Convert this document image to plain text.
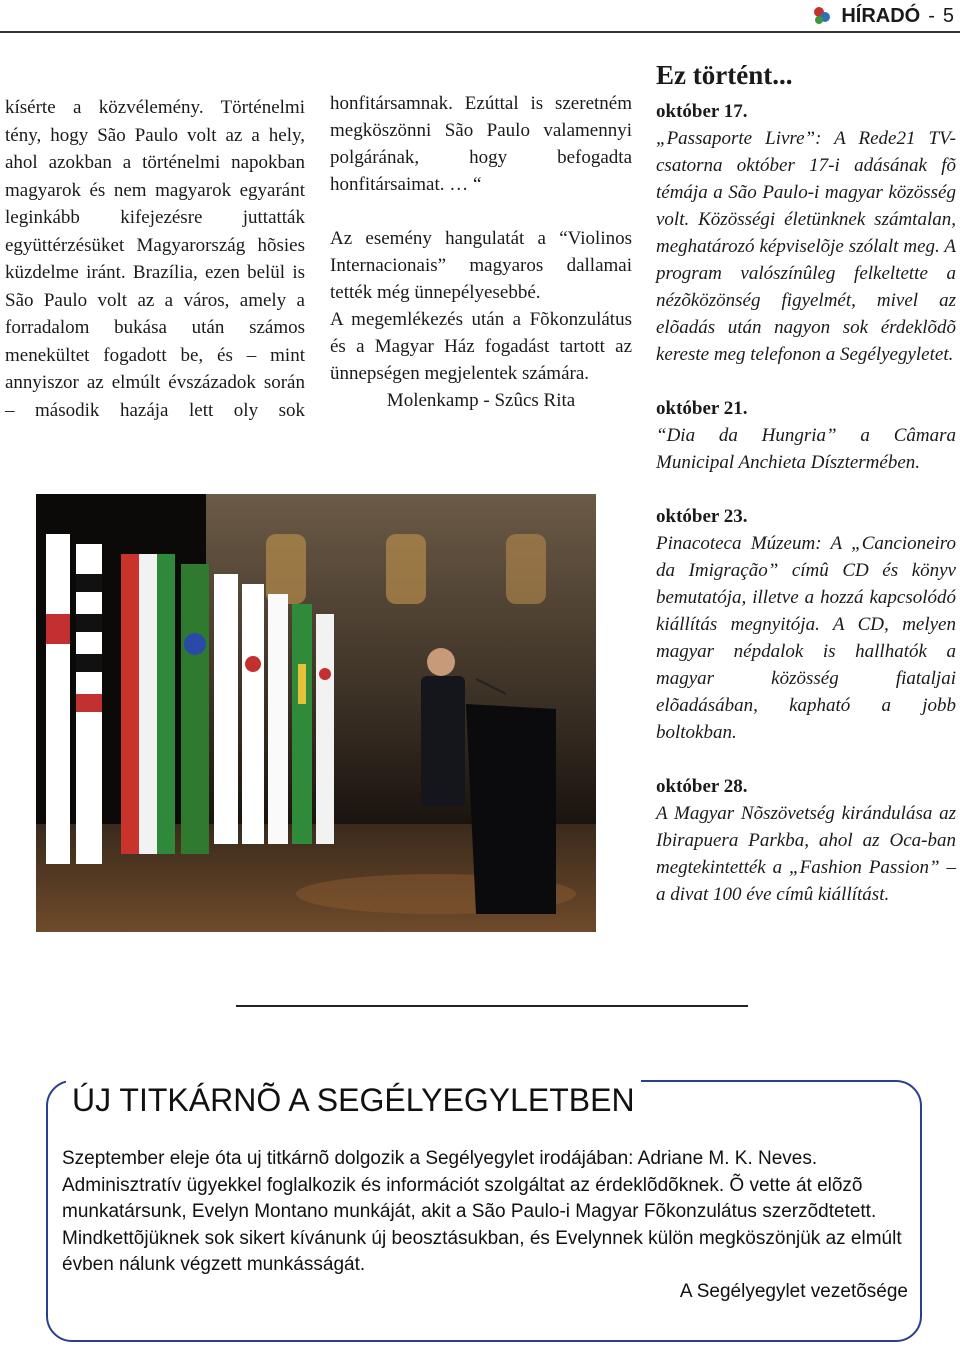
HÍRADÓ - 5

kísérte a közvélemény. Történelmi tény, hogy São Paulo volt az a hely, ahol azokban a történelmi napokban magyarok és nem magyarok egyaránt leginkább kifejezésre juttatták együttérzésüket Magyarország hõsies küzdelme iránt. Brazília, ezen belül is São Paulo volt az a város, amely a forradalom bukása után számos menekültet fogadott be, és – mint annyiszor az elmúlt évszázadok során – második hazája lett oly sok

honfitársamnak. Ezúttal is szeretném megköszönni São Paulo valamennyi polgárának, hogy befogadta honfitársaimat. … “

Az esemény hangulatát a “Violinos Internacionais” magyaros dallamai tették még ünnepélyesebbé.

A megemlékezés után a Fõkonzulátus és a Magyar Ház fogadást tartott az ünnepségen megjelentek számára.

Molenkamp - Szûcs Rita

Ez történt...
október 17.
„Passaporte Livre”: A Rede21 TV-csatorna október 17-i adásának fõ témája a São Paulo-i magyar közösség volt. Közösségi életünknek számtalan, meghatározó képviselõje szólalt meg. A program valószínûleg felkeltette a nézõközönség figyelmét, mivel az elõadás után nagyon sok érdeklõdõ kereste meg telefonon a Segélyegyletet.
október 21.
“Dia da Hungria” a Câmara Municipal Anchieta Dísztermében.
október 23.
Pinacoteca Múzeum: A „Cancioneiro da Imigração” címû CD és könyv bemutatója, illetve a hozzá kapcsolódó kiállítás megnyitója. A CD, melyen magyar népdalok is hallhatók a magyar közösség fiataljai elõadásában, kapható a jobb boltokban.
október 28.
A Magyar Nõszövetség kirándulása az Ibirapuera Parkba, ahol az Oca-ban megtekintették a „Fashion Passion” – a divat 100 éve címû kiállítást.
ÚJ TITKÁRNÕ A SEGÉLYEGYLETBEN

Szeptember eleje óta uj titkárnõ dolgozik a Segélyegylet irodájában: Adriane M. K. Neves. Adminisztratív ügyekkel foglalkozik és információt szolgáltat az érdeklõdõknek. Õ vette át elõzõ munkatársunk, Evelyn Montano munkáját, akit a São Paulo-i Magyar Fõkonzulátus szerzõdtetett.

Mindkettõjüknek sok sikert kívánunk új beosztásukban, és Evelynnek külön megköszönjük az elmúlt évben nálunk végzett munkásságát.

A Segélyegylet vezetõsége
